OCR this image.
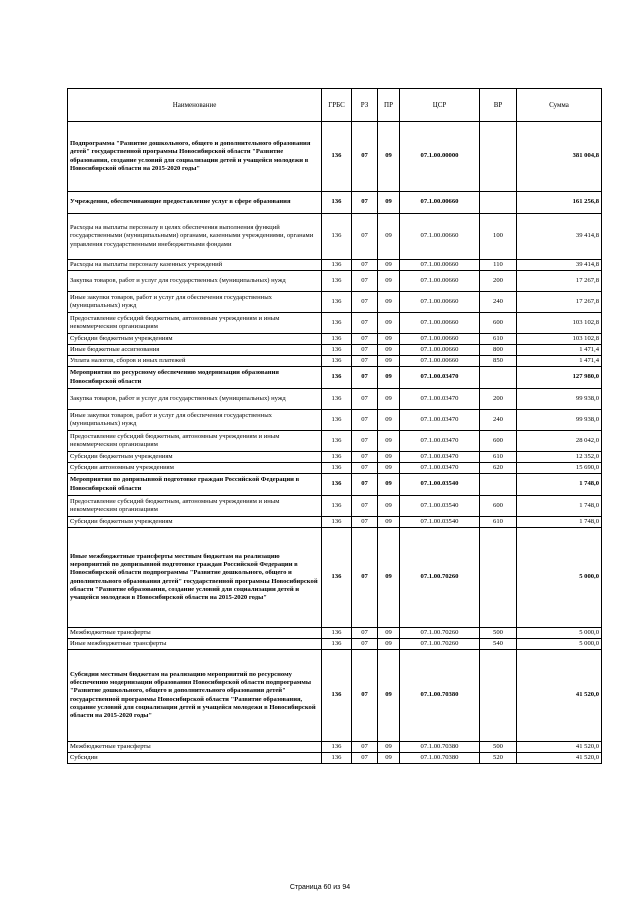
Наименование	ГРБС	РЗ	ПР	ЦСР	ВР	Сумма
Подпрограмма "Развитие дошкольного, общего и дополнительного образования детей" государственной программы Новосибирской области "Развитие образования, создание условий для социализации детей и учащейся молодежи в Новосибирской области на 2015-2020 годы"	136	07	09	07.1.00.00000		381 004,8
Учреждения, обеспечивающие предоставление услуг в сфере образования	136	07	09	07.1.00.00660		161 256,8
Расходы на выплаты персоналу в целях обеспечения выполнения функций государственными (муниципальными) органами, казенными учреждениями, органами управления государственными внебюджетными фондами	136	07	09	07.1.00.00660	100	39 414,8
Расходы на выплаты персоналу казенных учреждений	136	07	09	07.1.00.00660	110	39 414,8
Закупка товаров, работ и услуг для государственных (муниципальных) нужд	136	07	09	07.1.00.00660	200	17 267,8
Иные закупки товаров, работ и услуг для обеспечения государственных (муниципальных) нужд	136	07	09	07.1.00.00660	240	17 267,8
Предоставление субсидий бюджетным, автономным учреждениям и иным некоммерческим организациям	136	07	09	07.1.00.00660	600	103 102,8
Субсидии бюджетным учреждениям	136	07	09	07.1.00.00660	610	103 102,8
Иные бюджетные ассигнования	136	07	09	07.1.00.00660	800	1 471,4
Уплата налогов, сборов и иных платежей	136	07	09	07.1.00.00660	850	1 471,4
Мероприятия по ресурсному обеспечению модернизации образования Новосибирской области	136	07	09	07.1.00.03470		127 980,0
Закупка товаров, работ и услуг для государственных (муниципальных) нужд	136	07	09	07.1.00.03470	200	99 938,0
Иные закупки товаров, работ и услуг для обеспечения государственных (муниципальных) нужд	136	07	09	07.1.00.03470	240	99 938,0
Предоставление субсидий бюджетным, автономным учреждениям и иным некоммерческим организациям	136	07	09	07.1.00.03470	600	28 042,0
Субсидии бюджетным учреждениям	136	07	09	07.1.00.03470	610	12 352,0
Субсидии автономным учреждениям	136	07	09	07.1.00.03470	620	15 690,0
Мероприятия по допризывной подготовке граждан Российской Федерации в Новосибирской области	136	07	09	07.1.00.03540		1 748,0
Предоставление субсидий бюджетным, автономным учреждениям и иным некоммерческим организациям	136	07	09	07.1.00.03540	600	1 748,0
Субсидии бюджетным учреждениям	136	07	09	07.1.00.03540	610	1 748,0
Иные межбюджетные трансферты местным бюджетам на реализацию мероприятий по допризывной подготовке граждан Российской Федерации в Новосибирской области подпрограммы "Развитие дошкольного, общего и дополнительного образования детей" государственной программы Новосибирской области "Развитие образования, создание условий для социализации детей и учащейся молодежи в Новосибирской области на 2015-2020 годы"	136	07	09	07.1.00.70260		5 000,0
Межбюджетные трансферты	136	07	09	07.1.00.70260	500	5 000,0
Иные межбюджетные трансферты	136	07	09	07.1.00.70260	540	5 000,0
Субсидии местным бюджетам на реализацию мероприятий по ресурсному обеспечению модернизации образования Новосибирской области подпрограммы "Развитие дошкольного, общего и дополнительного образования детей" государственной программы Новосибирской области "Развитие образования, создание условий для социализации детей и учащейся молодежи в Новосибирской области на 2015-2020 годы"	136	07	09	07.1.00.70380		41 520,0
Межбюджетные трансферты	136	07	09	07.1.00.70380	500	41 520,0
Субсидии	136	07	09	07.1.00.70380	520	41 520,0
Страница 60 из 94
